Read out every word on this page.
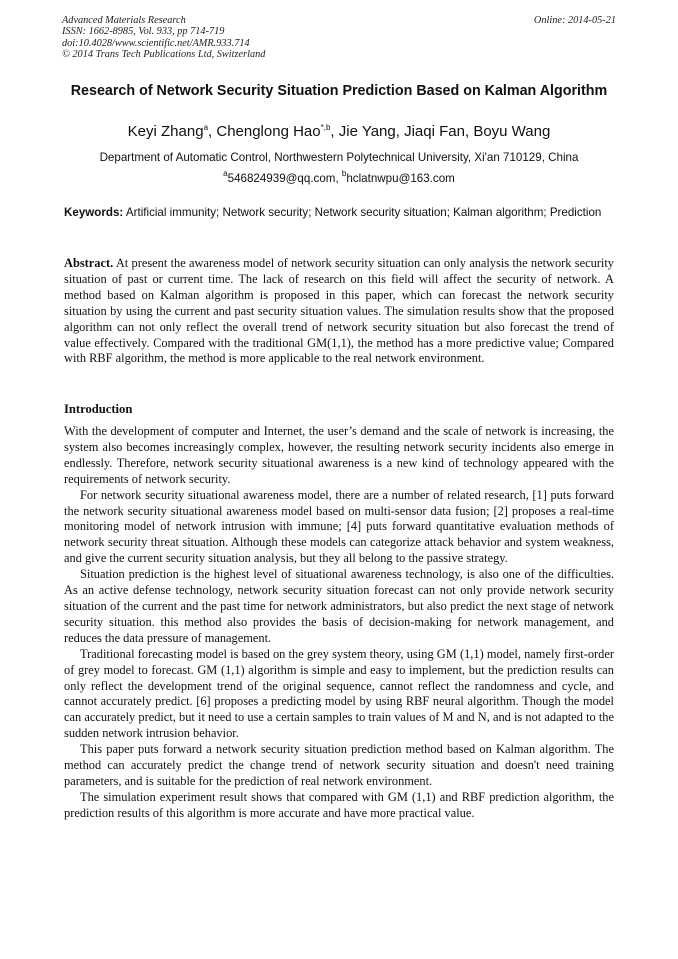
Advanced Materials Research
ISSN: 1662-8985, Vol. 933, pp 714-719
doi:10.4028/www.scientific.net/AMR.933.714
© 2014 Trans Tech Publications Ltd, Switzerland
Online: 2014-05-21
Research of Network Security Situation Prediction Based on Kalman Algorithm
Keyi Zhang$^a$, Chenglong Hao$^{*,b}$, Jie Yang, Jiaqi Fan, Boyu Wang
Department of Automatic Control, Northwestern Polytechnical University, Xi'an 710129, China
$^a$546824939@qq.com, $^b$hclatnwpu@163.com
Keywords: Artificial immunity; Network security; Network security situation; Kalman algorithm; Prediction
Abstract. At present the awareness model of network security situation can only analysis the network security situation of past or current time. The lack of research on this field will affect the security of network. A method based on Kalman algorithm is proposed in this paper, which can forecast the network security situation by using the current and past security situation values. The simulation results show that the proposed algorithm can not only reflect the overall trend of network security situation but also forecast the trend of value effectively. Compared with the traditional GM(1,1), the method has a more predictive value; Compared with RBF algorithm, the method is more applicable to the real network environment.
Introduction

With the development of computer and Internet, the user’s demand and the scale of network is increasing, the system also becomes increasingly complex, however, the resulting network security incidents also emerge in endlessly. Therefore, network security situational awareness is a new kind of technology appeared with the requirements of network security.

For network security situational awareness model, there are a number of related research, [1] puts forward the network security situational awareness model based on multi-sensor data fusion; [2] proposes a real-time monitoring model of network intrusion with immune; [4] puts forward quantitative evaluation methods of network security threat situation. Although these models can categorize attack behavior and system weakness, and give the current security situation analysis, but they all belong to the passive strategy.

Situation prediction is the highest level of situational awareness technology, is also one of the difficulties. As an active defense technology, network security situation forecast can not only provide network security situation of the current and the past time for network administrators, but also predict the next stage of network security situation. this method also provides the basis of decision-making for network management, and reduces the data pressure of management.

Traditional forecasting model is based on the grey system theory, using GM (1,1) model, namely first-order of grey model to forecast. GM (1,1) algorithm is simple and easy to implement, but the prediction results can only reflect the development trend of the original sequence, cannot reflect the randomness and cycle, and cannot accurately predict. [6] proposes a predicting model by using RBF neural algorithm. Though the model can accurately predict, but it need to use a certain samples to train values of M and N, and is not adapted to the sudden network intrusion behavior.

This paper puts forward a network security situation prediction method based on Kalman algorithm. The method can accurately predict the change trend of network security situation and doesn't need training parameters, and is suitable for the prediction of real network environment.

The simulation experiment result shows that compared with GM (1,1) and RBF prediction algorithm, the prediction results of this algorithm is more accurate and have more practical value.
